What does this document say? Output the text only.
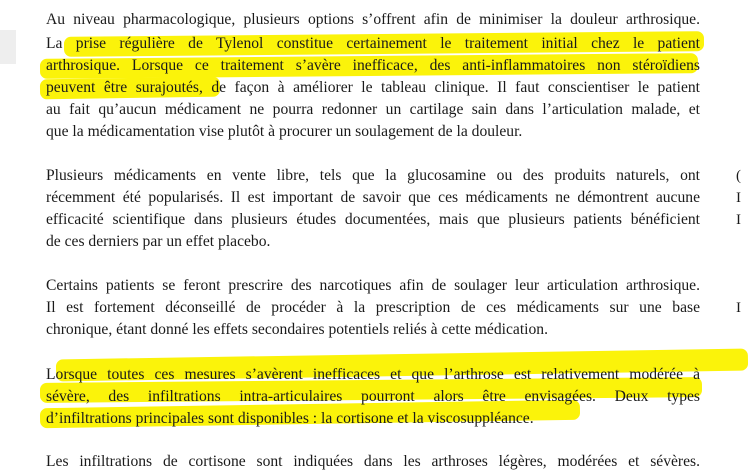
Au niveau pharmacologique, plusieurs options s’offrent afin de minimiser la douleur arthrosique.
La prise régulière de Tylenol constitue certainement le traitement initial chez le patient
arthrosique. Lorsque ce traitement s’avère inefficace, des anti-inflammatoires non stéroïdiens
peuvent être surajoutés, de façon à améliorer le tableau clinique. Il faut conscientiser le patient
au fait qu’aucun médicament ne pourra redonner un cartilage sain dans l’articulation malade, et
que la médicamentation vise plutôt à procurer un soulagement de la douleur.
Plusieurs médicaments en vente libre, tels que la glucosamine ou des produits naturels, ont
récemment été popularisés. Il est important de savoir que ces médicaments ne démontrent aucune
efficacité scientifique dans plusieurs études documentées, mais que plusieurs patients bénéficient
de ces derniers par un effet placebo.
Certains patients se feront prescrire des narcotiques afin de soulager leur articulation arthrosique.
Il est fortement déconseillé de procéder à la prescription de ces médicaments sur une base
chronique, étant donné les effets secondaires potentiels reliés à cette médication.
Lorsque toutes ces mesures s’avèrent inefficaces et que l’arthrose est relativement modérée à
sévère, des infiltrations intra-articulaires pourront alors être envisagées. Deux types
d’infiltrations principales sont disponibles : la cortisone et la viscosuppléance.
Les infiltrations de cortisone sont indiquées dans les arthroses légères, modérées et sévères.
(
I
I
I
